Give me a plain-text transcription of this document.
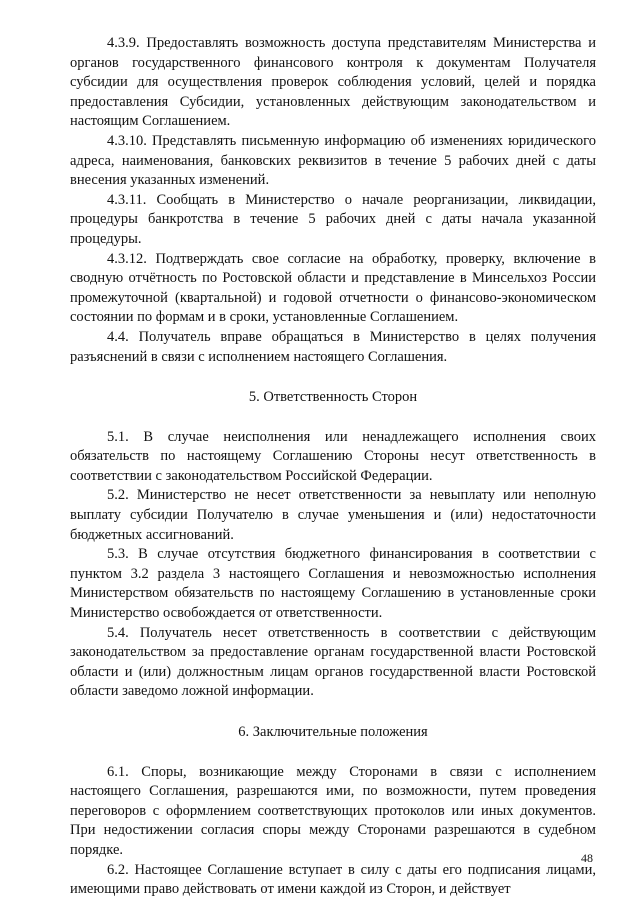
4.3.9. Предоставлять возможность доступа представителям Министерства и органов государственного финансового контроля к документам Получателя субсидии для осуществления проверок соблюдения условий, целей и порядка предоставления Субсидии, установленных действующим законодательством и настоящим Соглашением.

4.3.10. Представлять письменную информацию об изменениях юридического адреса, наименования, банковских реквизитов в течение 5 рабочих дней с даты внесения указанных изменений.

4.3.11. Сообщать в Министерство о начале реорганизации, ликвидации, процедуры банкротства в течение 5 рабочих дней с даты начала указанной процедуры.

4.3.12. Подтверждать свое согласие на обработку, проверку, включение в сводную отчётность по Ростовской области и представление в Минсельхоз России промежуточной (квартальной) и годовой отчетности о финансово-экономическом состоянии по формам и в сроки, установленные Соглашением.

4.4. Получатель вправе обращаться в Министерство в целях получения разъяснений в связи с исполнением настоящего Соглашения.

5. Ответственность Сторон

5.1. В случае неисполнения или ненадлежащего исполнения своих обязательств по настоящему Соглашению Стороны несут ответственность в соответствии с законодательством Российской Федерации.

5.2. Министерство не несет ответственности за невыплату или неполную выплату субсидии Получателю в случае уменьшения и (или) недостаточности бюджетных ассигнований.

5.3. В случае отсутствия бюджетного финансирования в соответствии с пунктом 3.2 раздела 3 настоящего Соглашения и невозможностью исполнения Министерством обязательств по настоящему Соглашению в установленные сроки Министерство освобождается от ответственности.

5.4. Получатель несет ответственность в соответствии с действующим законодательством за предоставление органам государственной власти Ростовской области и (или) должностным лицам органов государственной власти Ростовской области заведомо ложной информации.

6. Заключительные положения

6.1. Споры, возникающие между Сторонами в связи с исполнением настоящего Соглашения, разрешаются ими, по возможности, путем проведения переговоров с оформлением соответствующих протоколов или иных документов. При недостижении согласия споры между Сторонами разрешаются в судебном порядке.

6.2. Настоящее Соглашение вступает в силу с даты его подписания лицами, имеющими право действовать от имени каждой из Сторон, и действует

48
